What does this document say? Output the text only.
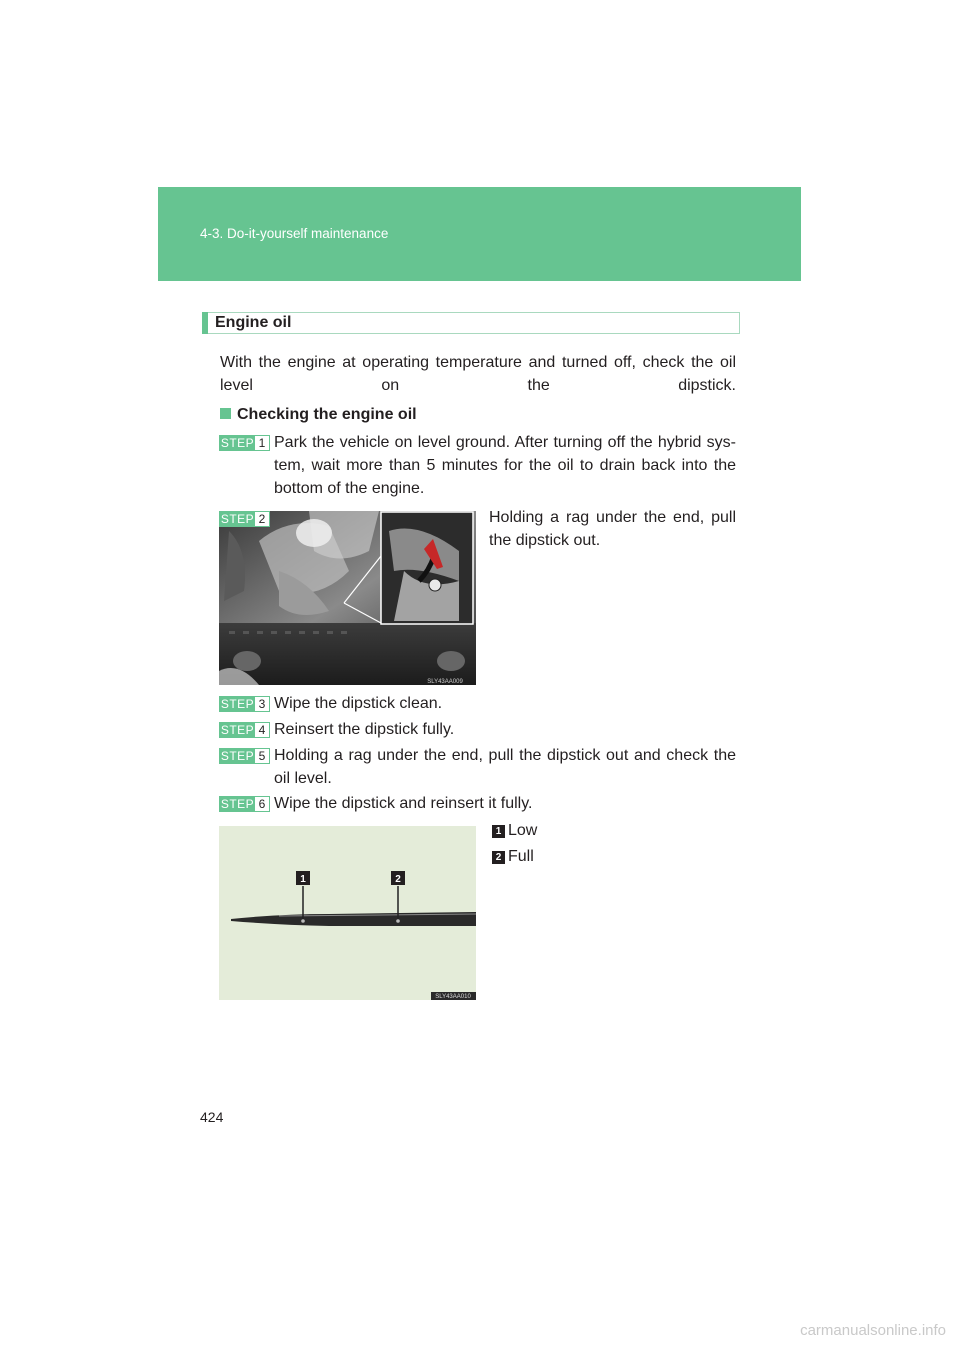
4-3. Do-it-yourself maintenance
Engine oil
With the engine at operating temperature and turned off, check the oil level on the dipstick.
Checking the engine oil
STEP 1 Park the vehicle on level ground. After turning off the hybrid sys-
tem, wait more than 5 minutes for the oil to drain back into the
bottom of the engine.
STEP 2	Holding a rag under the end, pull
the dipstick out.
SLY43AA009
STEP 3 Wipe the dipstick clean.
STEP 4 Reinsert the dipstick fully.
STEP 5 Holding a rag under the end, pull the dipstick out and check the
oil level.
STEP 6 Wipe the dipstick and reinsert it fully.
1	2
SLY43AA010
1 Low
2 Full
424
carmanualsonline.info
